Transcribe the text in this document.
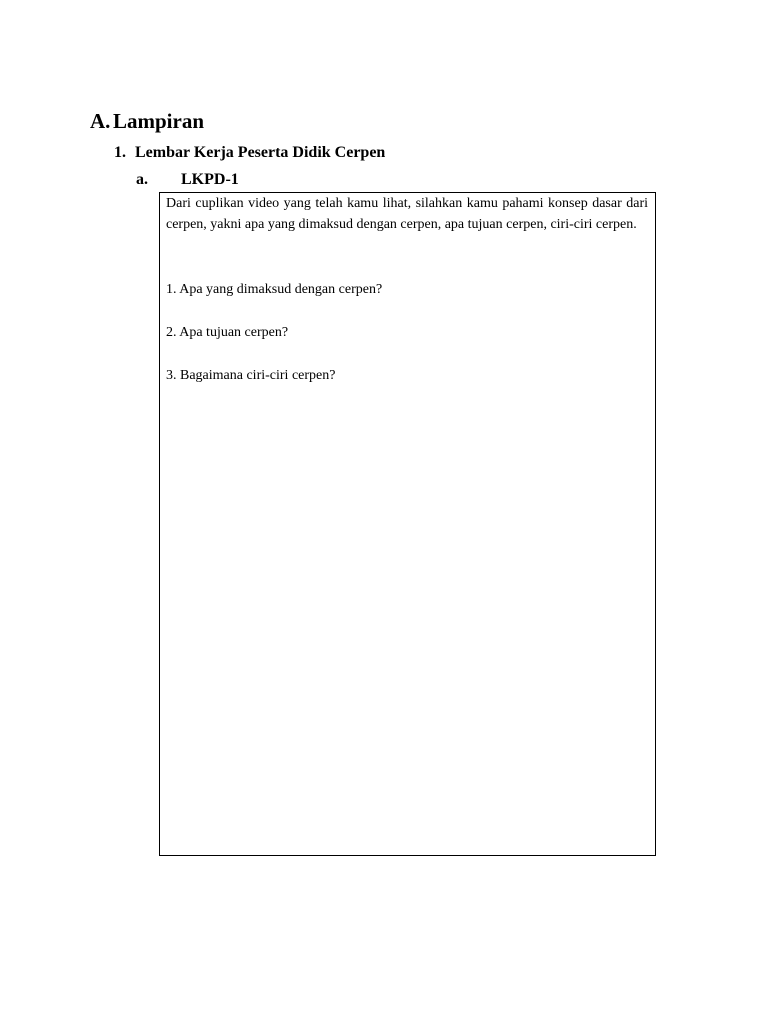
A. Lampiran
1. Lembar Kerja Peserta Didik Cerpen
a. LKPD-1

Dari cuplikan video yang telah kamu lihat, silahkan kamu pahami konsep dasar dari cerpen, yakni apa yang dimaksud dengan cerpen, apa tujuan cerpen, ciri-ciri cerpen.

1. Apa yang dimaksud dengan cerpen?

2. Apa tujuan cerpen?

3. Bagaimana ciri-ciri cerpen?
